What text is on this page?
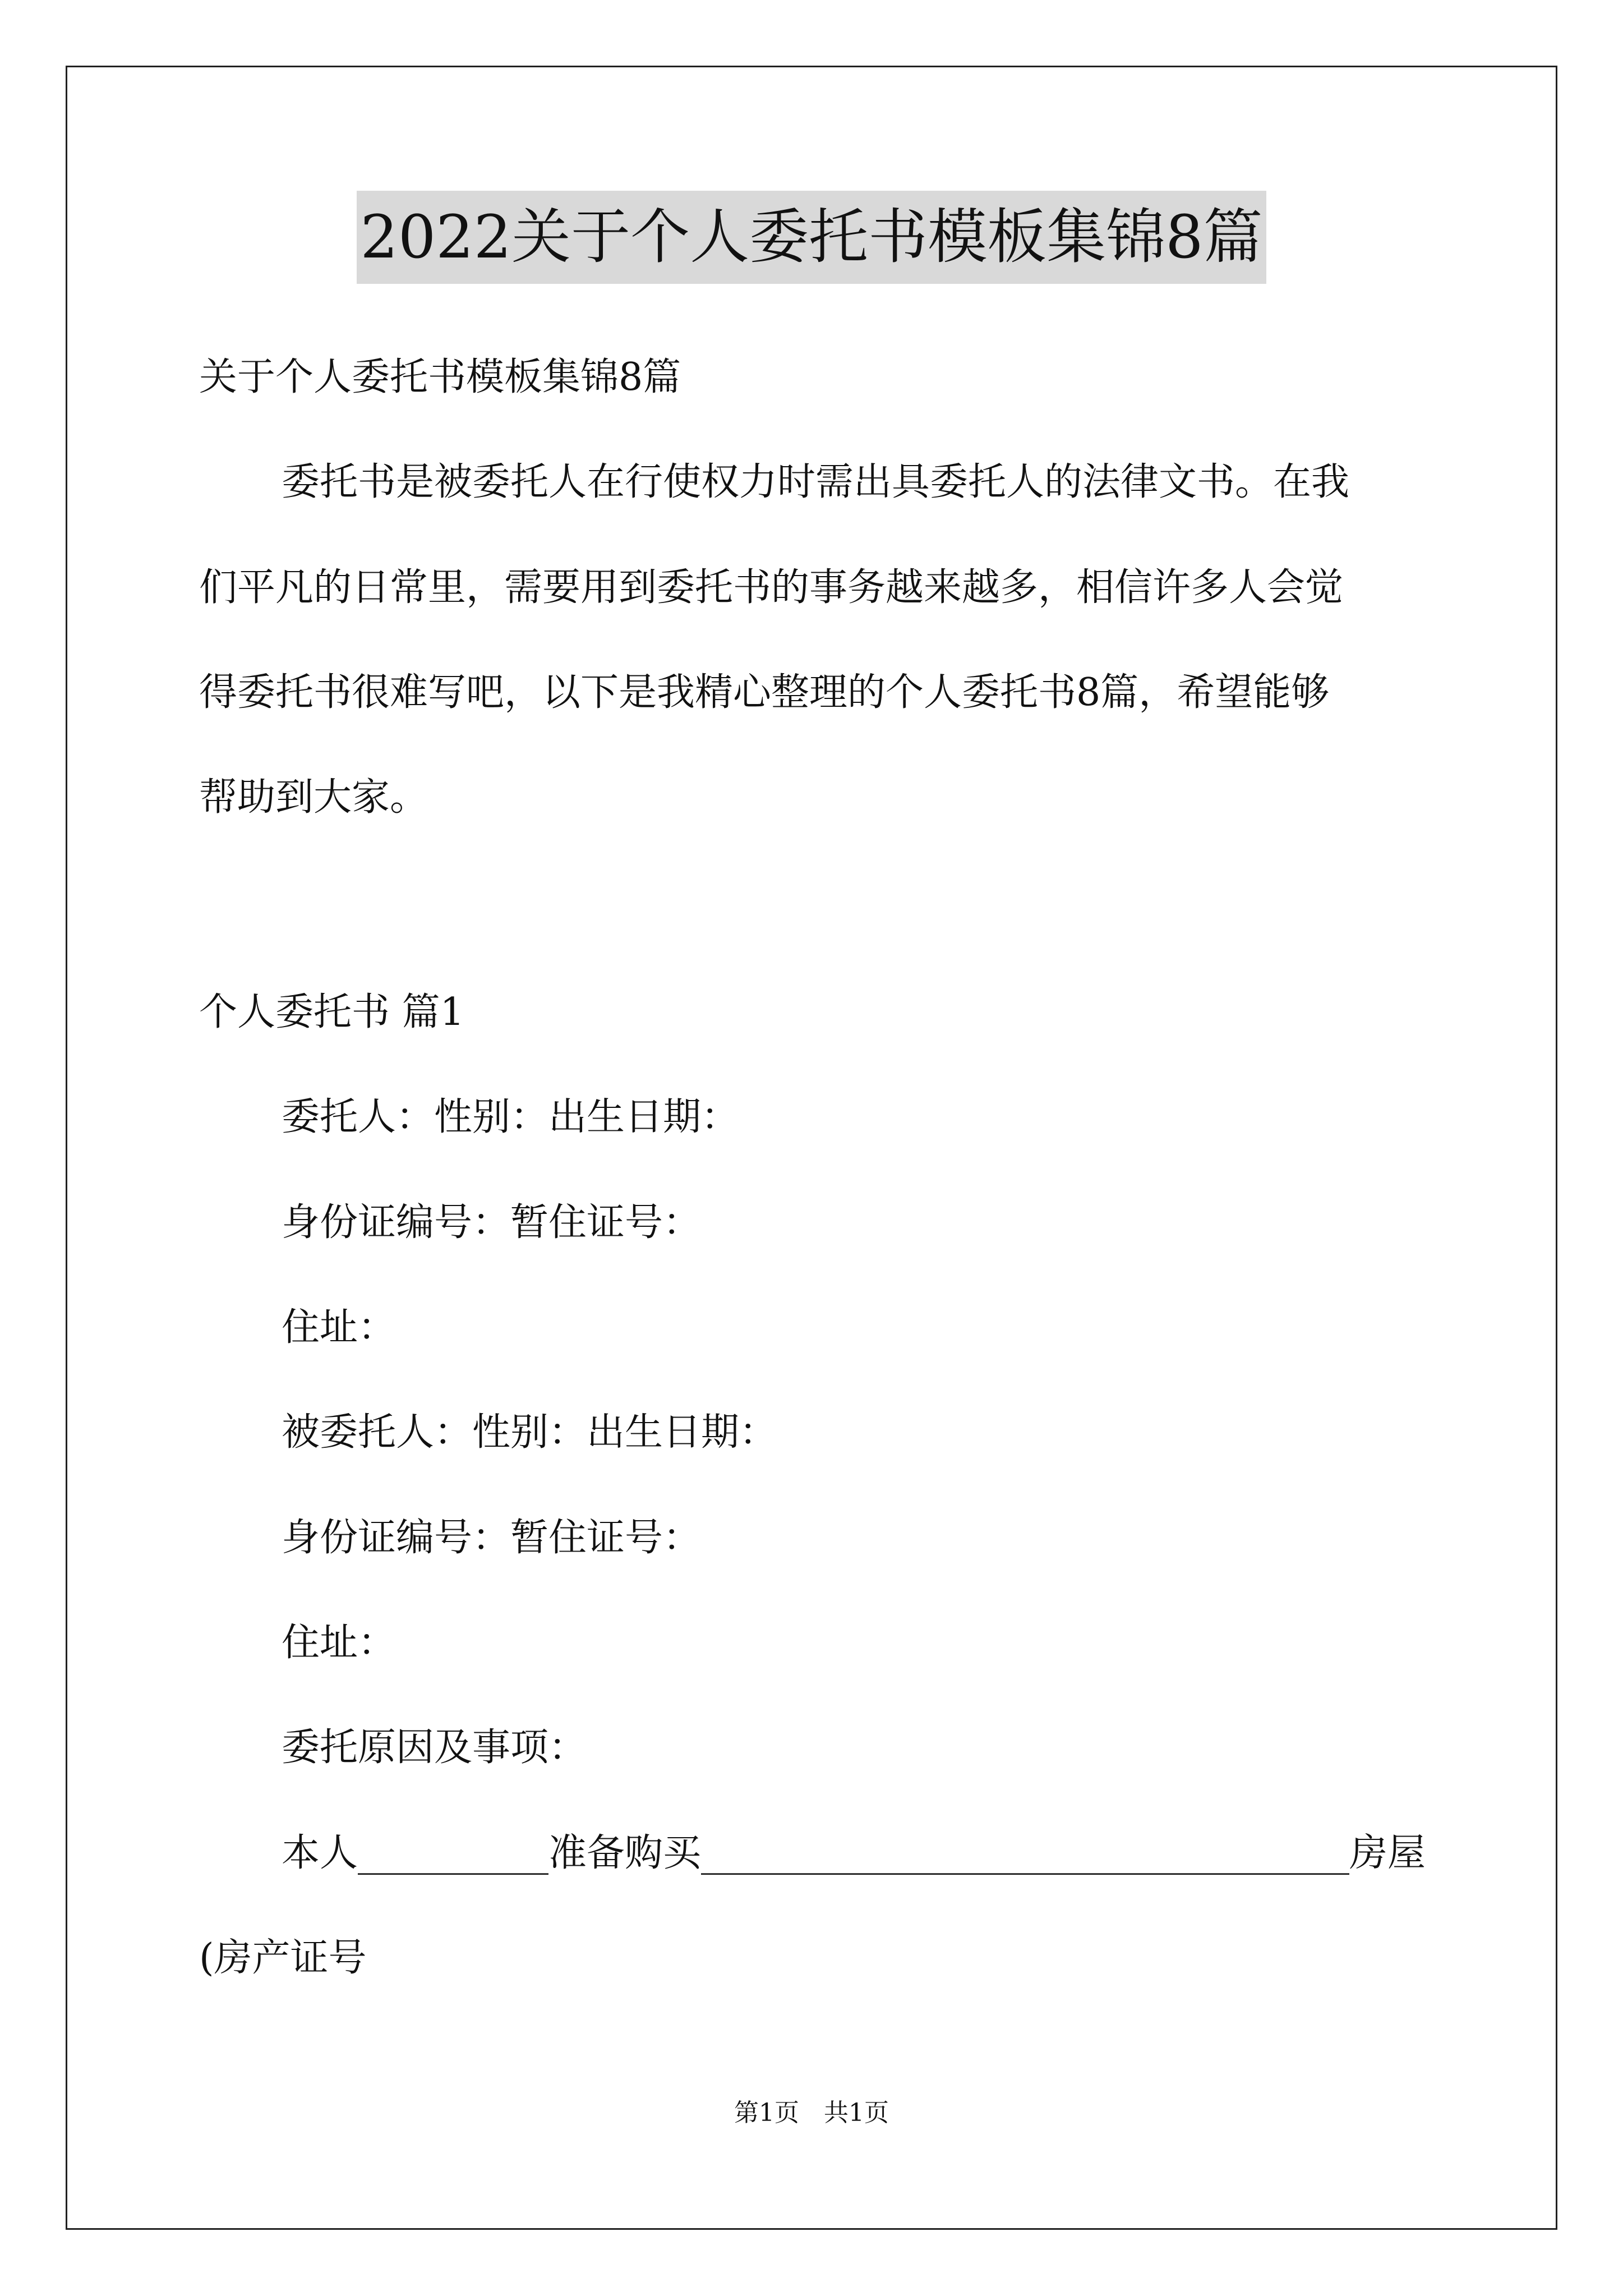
2022关于个人委托书模板集锦8篇
关于个人委托书模板集锦8篇
委托书是被委托人在行使权力时需出具委托人的法律文书。在我
们平凡的日常里，需要用到委托书的事务越来越多，相信许多人会觉
得委托书很难写吧，以下是我精心整理的个人委托书8篇，希望能够
帮助到大家。
个人委托书 篇1
委托人：性别：出生日期：
身份证编号：暂住证号：
住址：
被委托人：性别：出生日期：
身份证编号：暂住证号：
住址：
委托原因及事项：
本人__________准备购买__________________________________房屋
(房产证号
第1页　共1页
